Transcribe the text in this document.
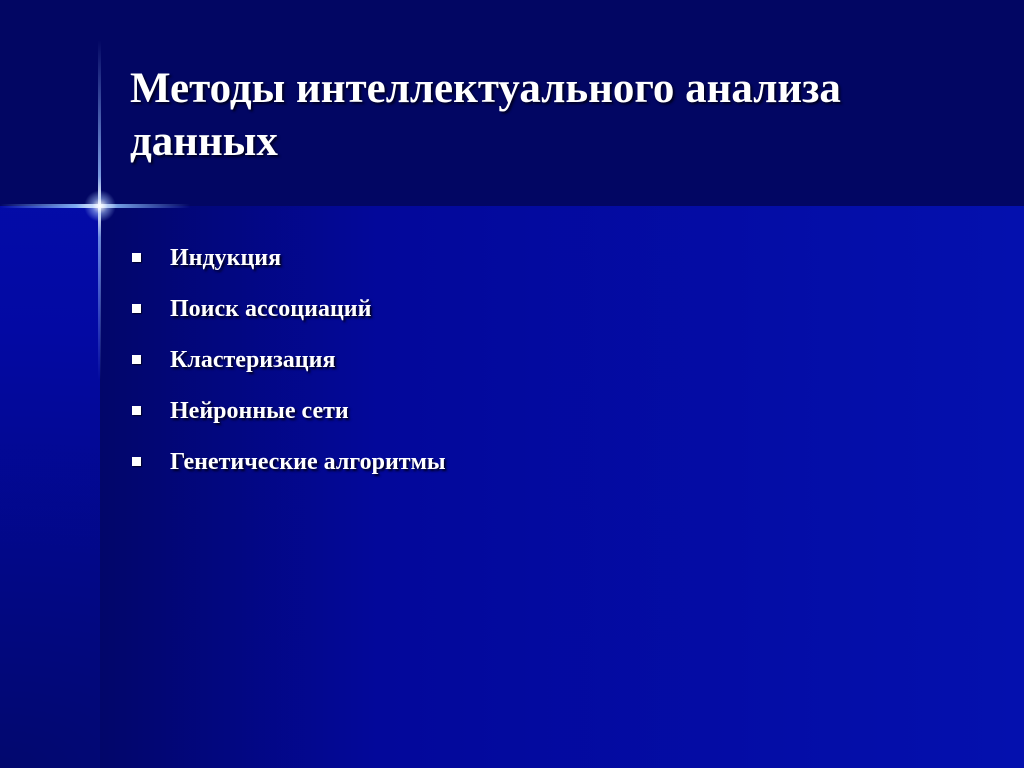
Методы интеллектуального анализа данных
Индукция
Поиск ассоциаций
Кластеризация
Нейронные сети
Генетические алгоритмы
